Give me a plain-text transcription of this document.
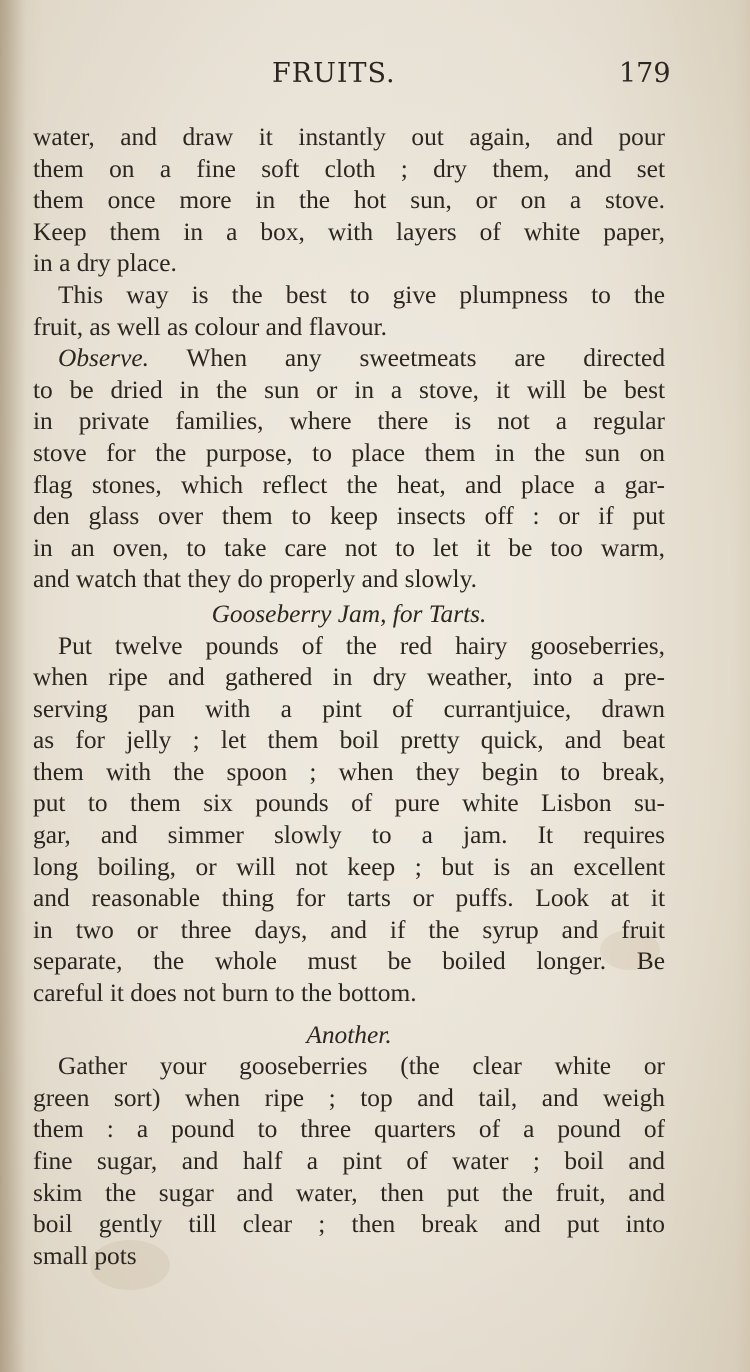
FRUITS.	179
water, and draw it instantly out again, and pour
them on a fine soft cloth ; dry them, and set
them once more in the hot sun, or on a stove.
Keep them in a box, with layers of white paper,
in a dry place.
This way is the best to give plumpness to the
fruit, as well as colour and flavour.
Observe. When any sweetmeats are directed
to be dried in the sun or in a stove, it will be best
in private families, where there is not a regular
stove for the purpose, to place them in the sun on
flag stones, which reflect the heat, and place a gar-
den glass over them to keep insects off : or if put
in an oven, to take care not to let it be too warm,
and watch that they do properly and slowly.
Gooseberry Jam, for Tarts.
Put twelve pounds of the red hairy gooseberries,
when ripe and gathered in dry weather, into a pre-
serving pan with a pint of currantjuice, drawn
as for jelly ; let them boil pretty quick, and beat
them with the spoon ; when they begin to break,
put to them six pounds of pure white Lisbon su-
gar, and simmer slowly to a jam. It requires
long boiling, or will not keep ; but is an excellent
and reasonable thing for tarts or puffs. Look at it
in two or three days, and if the syrup and fruit
separate, the whole must be boiled longer. Be
careful it does not burn to the bottom.
Another.
Gather your gooseberries (the clear white or
green sort) when ripe ; top and tail, and weigh
them : a pound to three quarters of a pound of
fine sugar, and half a pint of water ; boil and
skim the sugar and water, then put the fruit, and
boil gently till clear ; then break and put into
small pots
